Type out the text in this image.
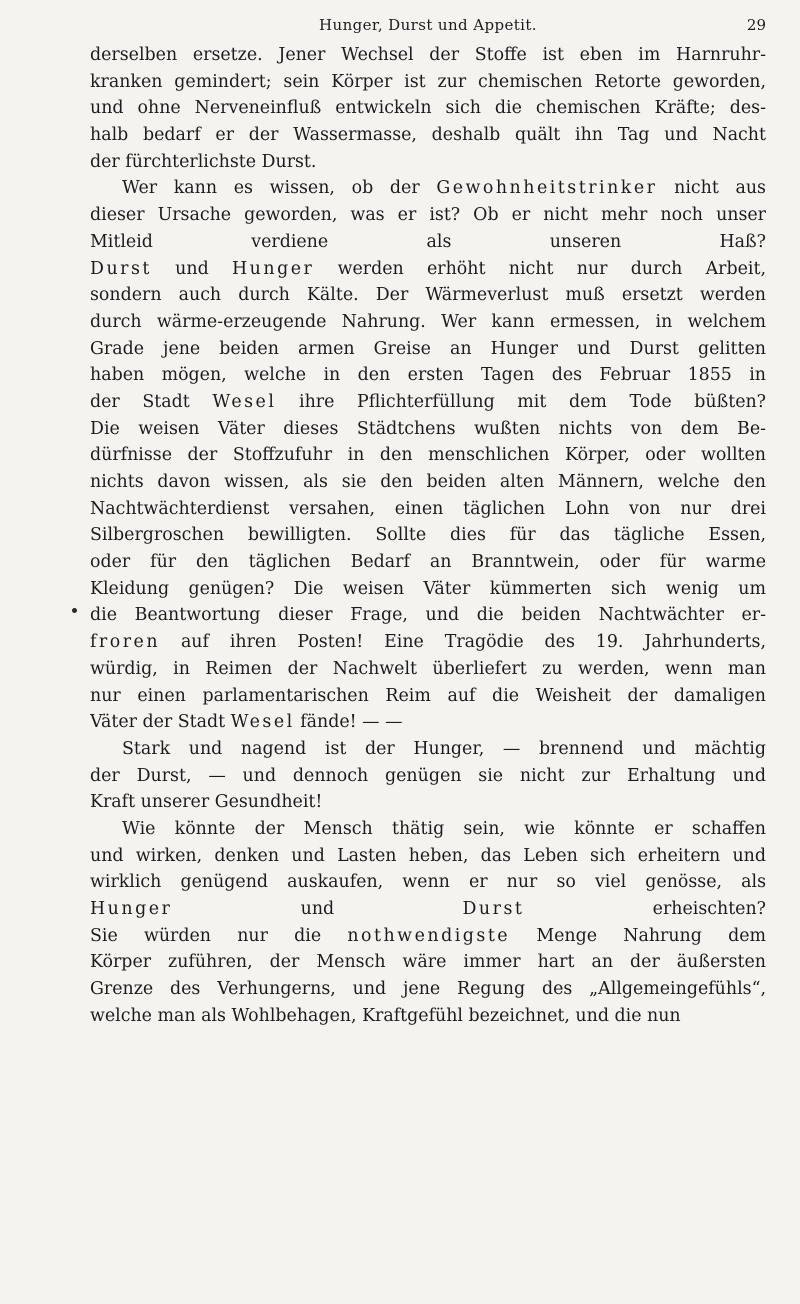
Hunger, Durst und Appetit.	29
derselben ersetze. Jener Wechsel der Stoffe ist eben im Harnruhr-
kranken gemindert; sein Körper ist zur chemischen Retorte geworden,
und ohne Nerveneinfluß entwickeln sich die chemischen Kräfte; des-
halb bedarf er der Wassermasse, deshalb quält ihn Tag und Nacht
der fürchterlichste Durst.
Wer kann es wissen, ob der Gewohnheitstrinker nicht aus
dieser Ursache geworden, was er ist? Ob er nicht mehr noch unser
Mitleid verdiene als unseren Haß?
Durst und Hunger werden erhöht nicht nur durch Arbeit,
sondern auch durch Kälte. Der Wärmeverlust muß ersetzt werden
durch wärme-erzeugende Nahrung. Wer kann ermessen, in welchem
Grade jene beiden armen Greise an Hunger und Durst gelitten
haben mögen, welche in den ersten Tagen des Februar 1855 in
der Stadt Wesel ihre Pflichterfüllung mit dem Tode büßten?
Die weisen Väter dieses Städtchens wußten nichts von dem Be-
dürfnisse der Stoffzufuhr in den menschlichen Körper, oder wollten
nichts davon wissen, als sie den beiden alten Männern, welche den
Nachtwächterdienst versahen, einen täglichen Lohn von nur drei
Silbergroschen bewilligten. Sollte dies für das tägliche Essen,
oder für den täglichen Bedarf an Branntwein, oder für warme
Kleidung genügen? Die weisen Väter kümmerten sich wenig um
die Beantwortung dieser Frage, und die beiden Nachtwächter er-
froren auf ihren Posten! Eine Tragödie des 19. Jahrhunderts,
würdig, in Reimen der Nachwelt überliefert zu werden, wenn man
nur einen parlamentarischen Reim auf die Weisheit der damaligen
Väter der Stadt Wesel fände! — —
Stark und nagend ist der Hunger, — brennend und mächtig
der Durst, — und dennoch genügen sie nicht zur Erhaltung und
Kraft unserer Gesundheit!
Wie könnte der Mensch thätig sein, wie könnte er schaffen
und wirken, denken und Lasten heben, das Leben sich erheitern und
wirklich genügend auskaufen, wenn er nur so viel genösse, als
Hunger und Durst erheischten?
Sie würden nur die nothwendigste Menge Nahrung dem
Körper zuführen, der Mensch wäre immer hart an der äußersten
Grenze des Verhungerns, und jene Regung des „Allgemeingefühls“,
welche man als Wohlbehagen, Kraftgefühl bezeichnet, und die nun
